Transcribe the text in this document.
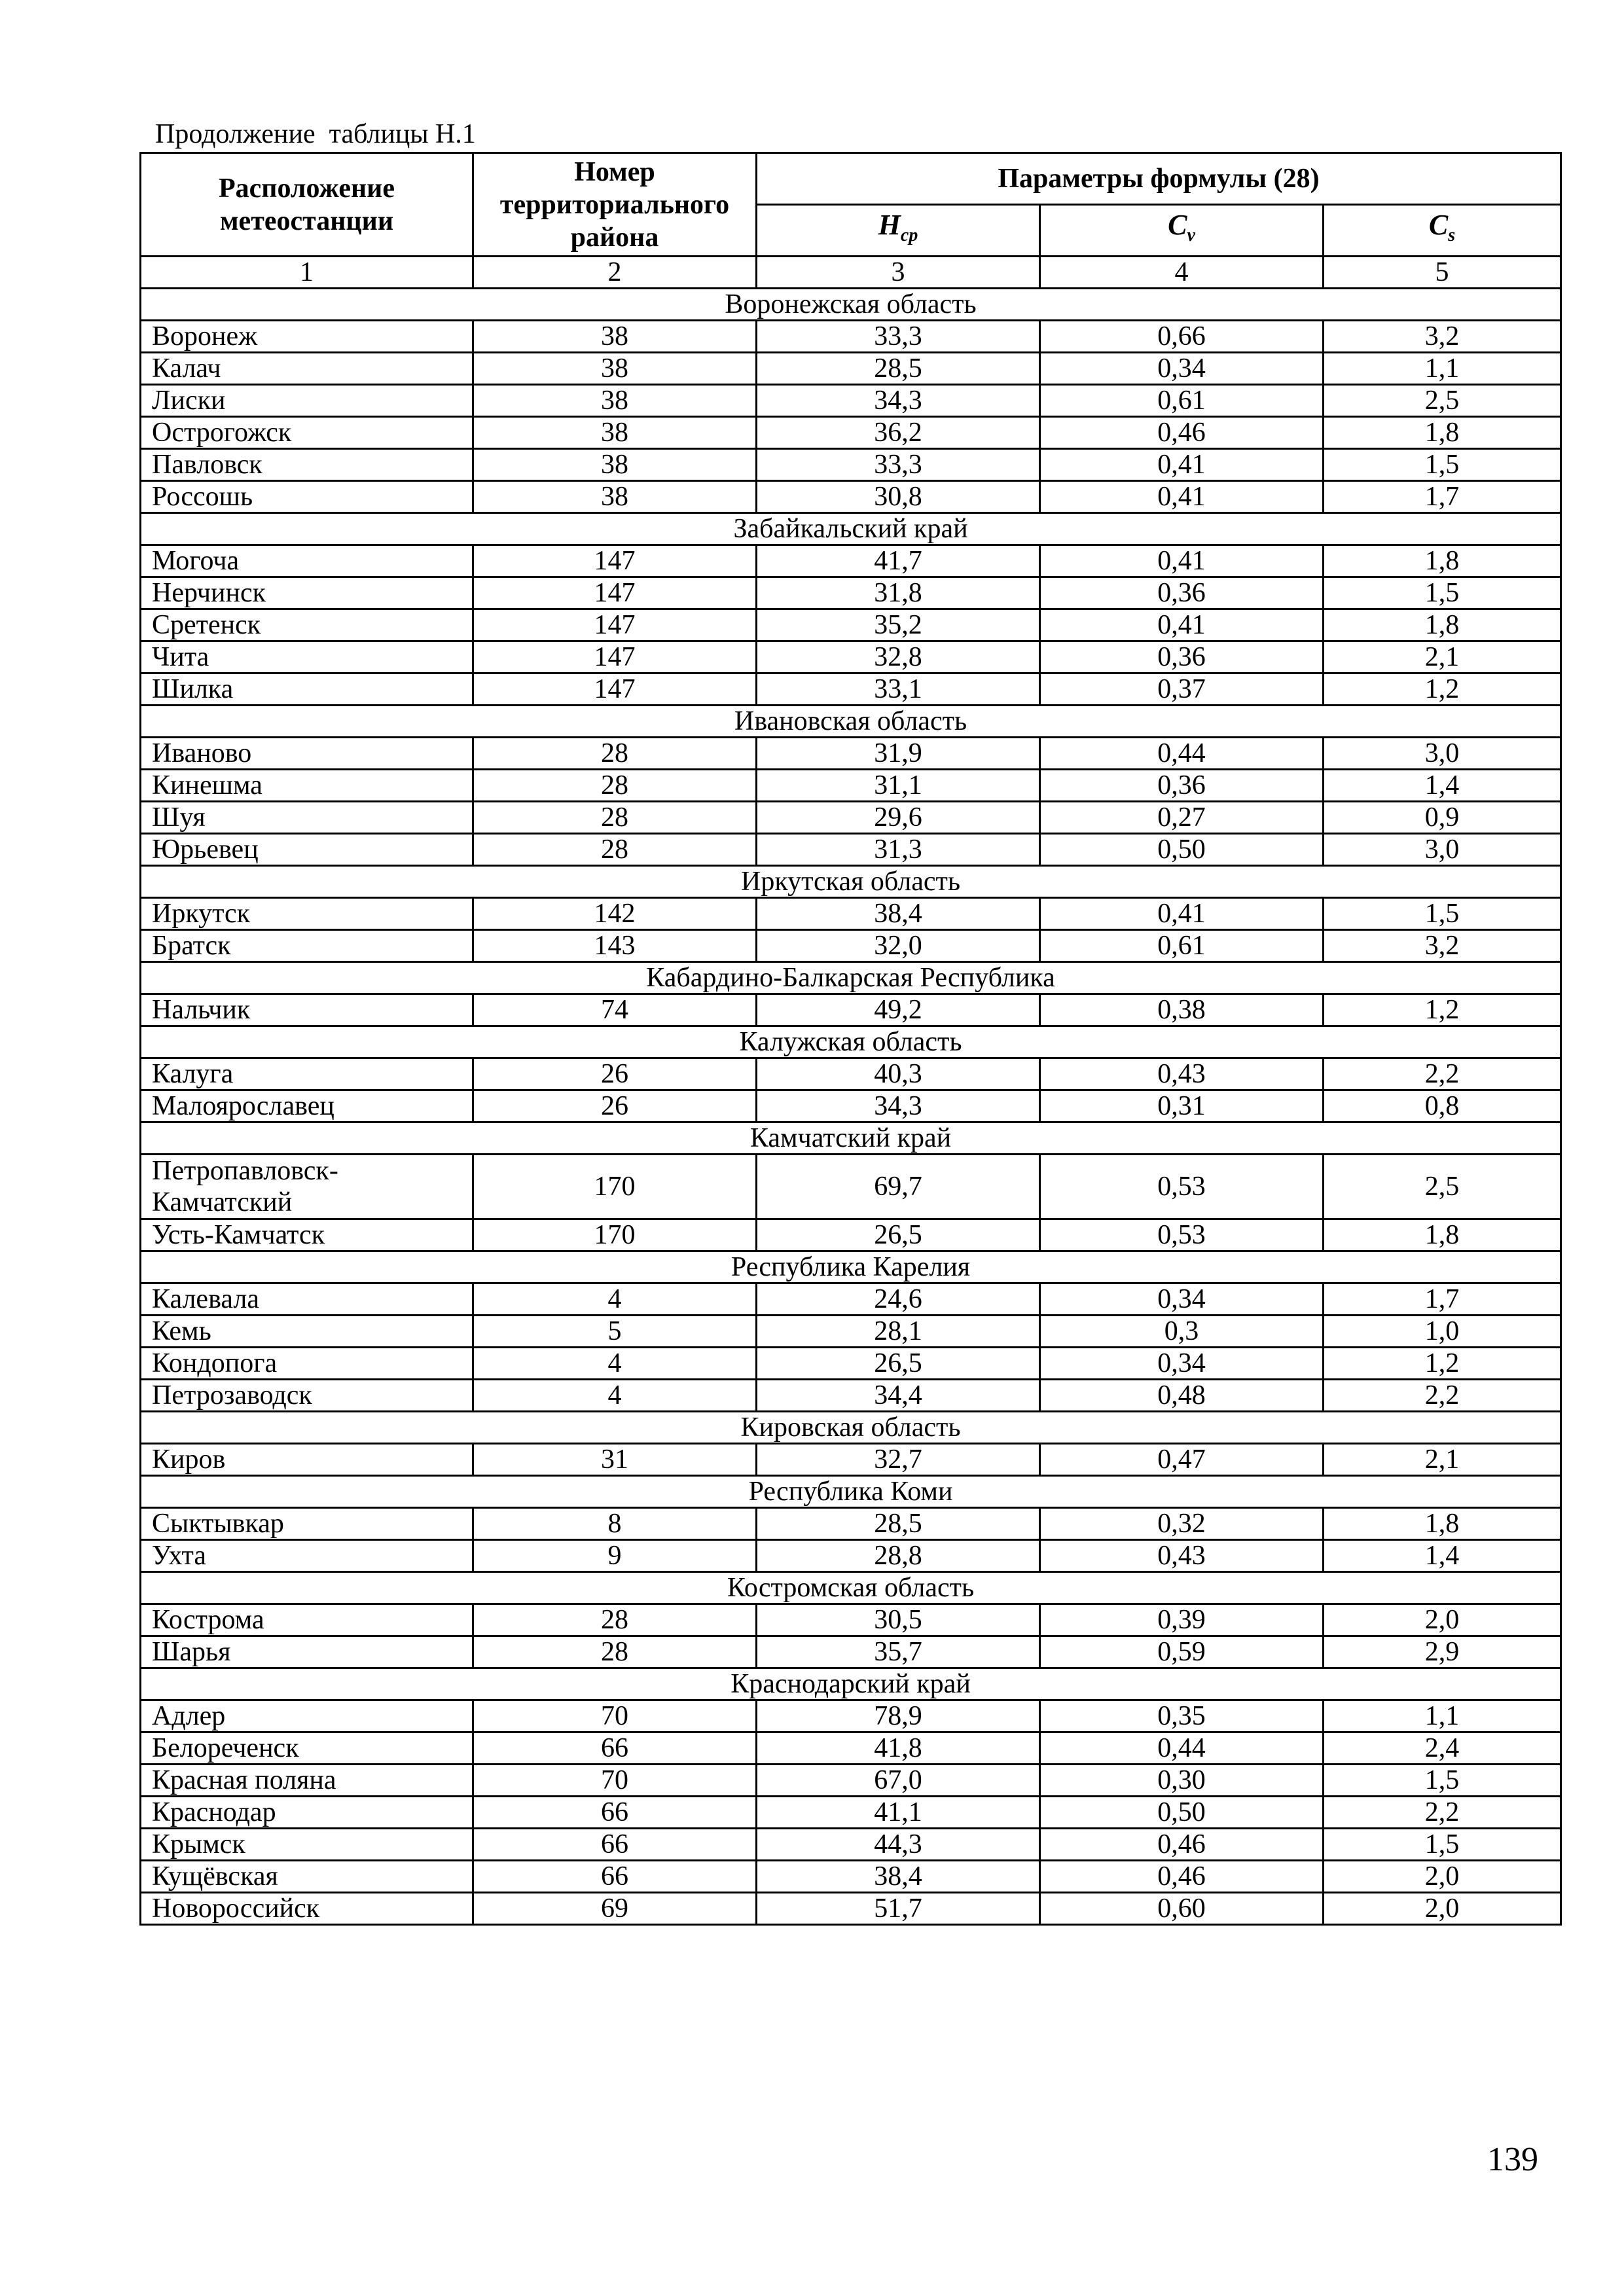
Продолжение  таблицы Н.1
Расположение метеостанции	Номер территориального района	Параметры формулы (28)		
		$H_{ср}$	$C_v$	$C_s$
1	2	3	4	5
Воронежская область				
Воронеж	38	33,3	0,66	3,2
Калач	38	28,5	0,34	1,1
Лиски	38	34,3	0,61	2,5
Острогожск	38	36,2	0,46	1,8
Павловск	38	33,3	0,41	1,5
Россошь	38	30,8	0,41	1,7
Забайкальский край				
Могоча	147	41,7	0,41	1,8
Нерчинск	147	31,8	0,36	1,5
Сретенск	147	35,2	0,41	1,8
Чита	147	32,8	0,36	2,1
Шилка	147	33,1	0,37	1,2
Ивановская область				
Иваново	28	31,9	0,44	3,0
Кинешма	28	31,1	0,36	1,4
Шуя	28	29,6	0,27	0,9
Юрьевец	28	31,3	0,50	3,0
Иркутская область				
Иркутск	142	38,4	0,41	1,5
Братск	143	32,0	0,61	3,2
Кабардино-Балкарская Республика				
Нальчик	74	49,2	0,38	1,2
Калужская область				
Калуга	26	40,3	0,43	2,2
Малоярославец	26	34,3	0,31	0,8
Камчатский край				
Петропавловск-
Камчатский	170	69,7	0,53	2,5
Усть-Камчатск	170	26,5	0,53	1,8
Республика Карелия				
Калевала	4	24,6	0,34	1,7
Кемь	5	28,1	0,3	1,0
Кондопога	4	26,5	0,34	1,2
Петрозаводск	4	34,4	0,48	2,2
Кировская область				
Киров	31	32,7	0,47	2,1
Республика Коми				
Сыктывкар	8	28,5	0,32	1,8
Ухта	9	28,8	0,43	1,4
Костромская область				
Кострома	28	30,5	0,39	2,0
Шарья	28	35,7	0,59	2,9
Краснодарский край				
Адлер	70	78,9	0,35	1,1
Белореченск	66	41,8	0,44	2,4
Красная поляна	70	67,0	0,30	1,5
Краснодар	66	41,1	0,50	2,2
Крымск	66	44,3	0,46	1,5
Кущёвская	66	38,4	0,46	2,0
Новороссийск	69	51,7	0,60	2,0
139
